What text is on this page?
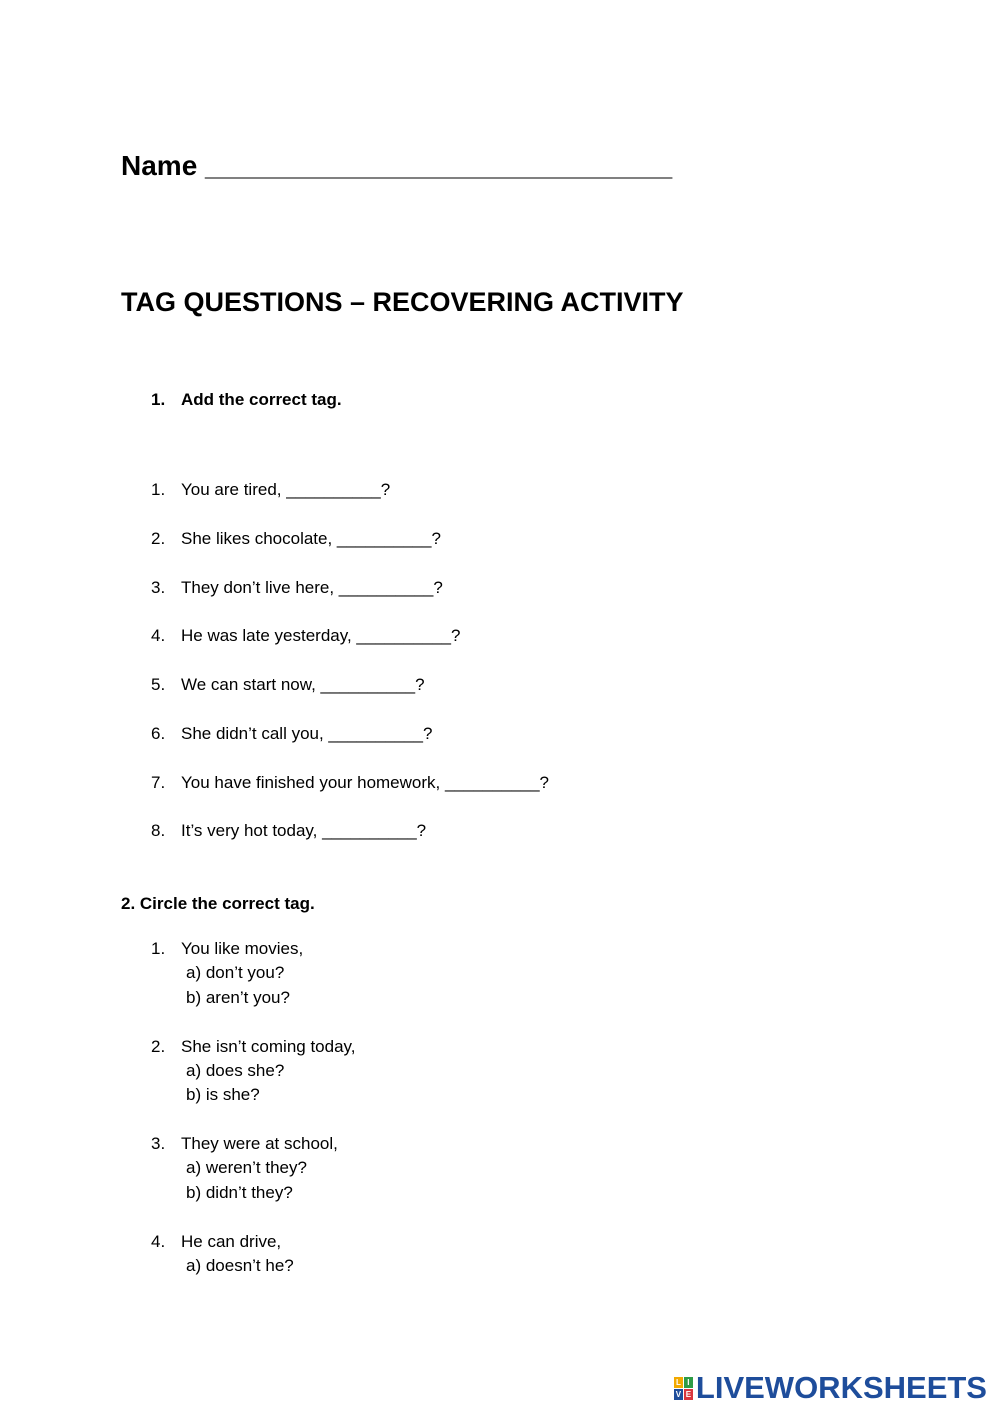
Name ______________________________
TAG QUESTIONS – RECOVERING ACTIVITY
1. Add the correct tag.
1. You are tired, __________?
2. She likes chocolate, __________?
3. They don’t live here, __________?
4. He was late yesterday, __________?
5. We can start now, __________?
6. She didn’t call you, __________?
7. You have finished your homework, __________?
8. It’s very hot today, __________?
2. Circle the correct tag.
1. You like movies,
a) don’t you?
b) aren’t you?
2. She isn’t coming today,
a) does she?
b) is she?
3. They were at school,
a) weren’t they?
b) didn’t they?
4. He can drive,
a) doesn’t he?
L I
V E LIVEWORKSHEETS
